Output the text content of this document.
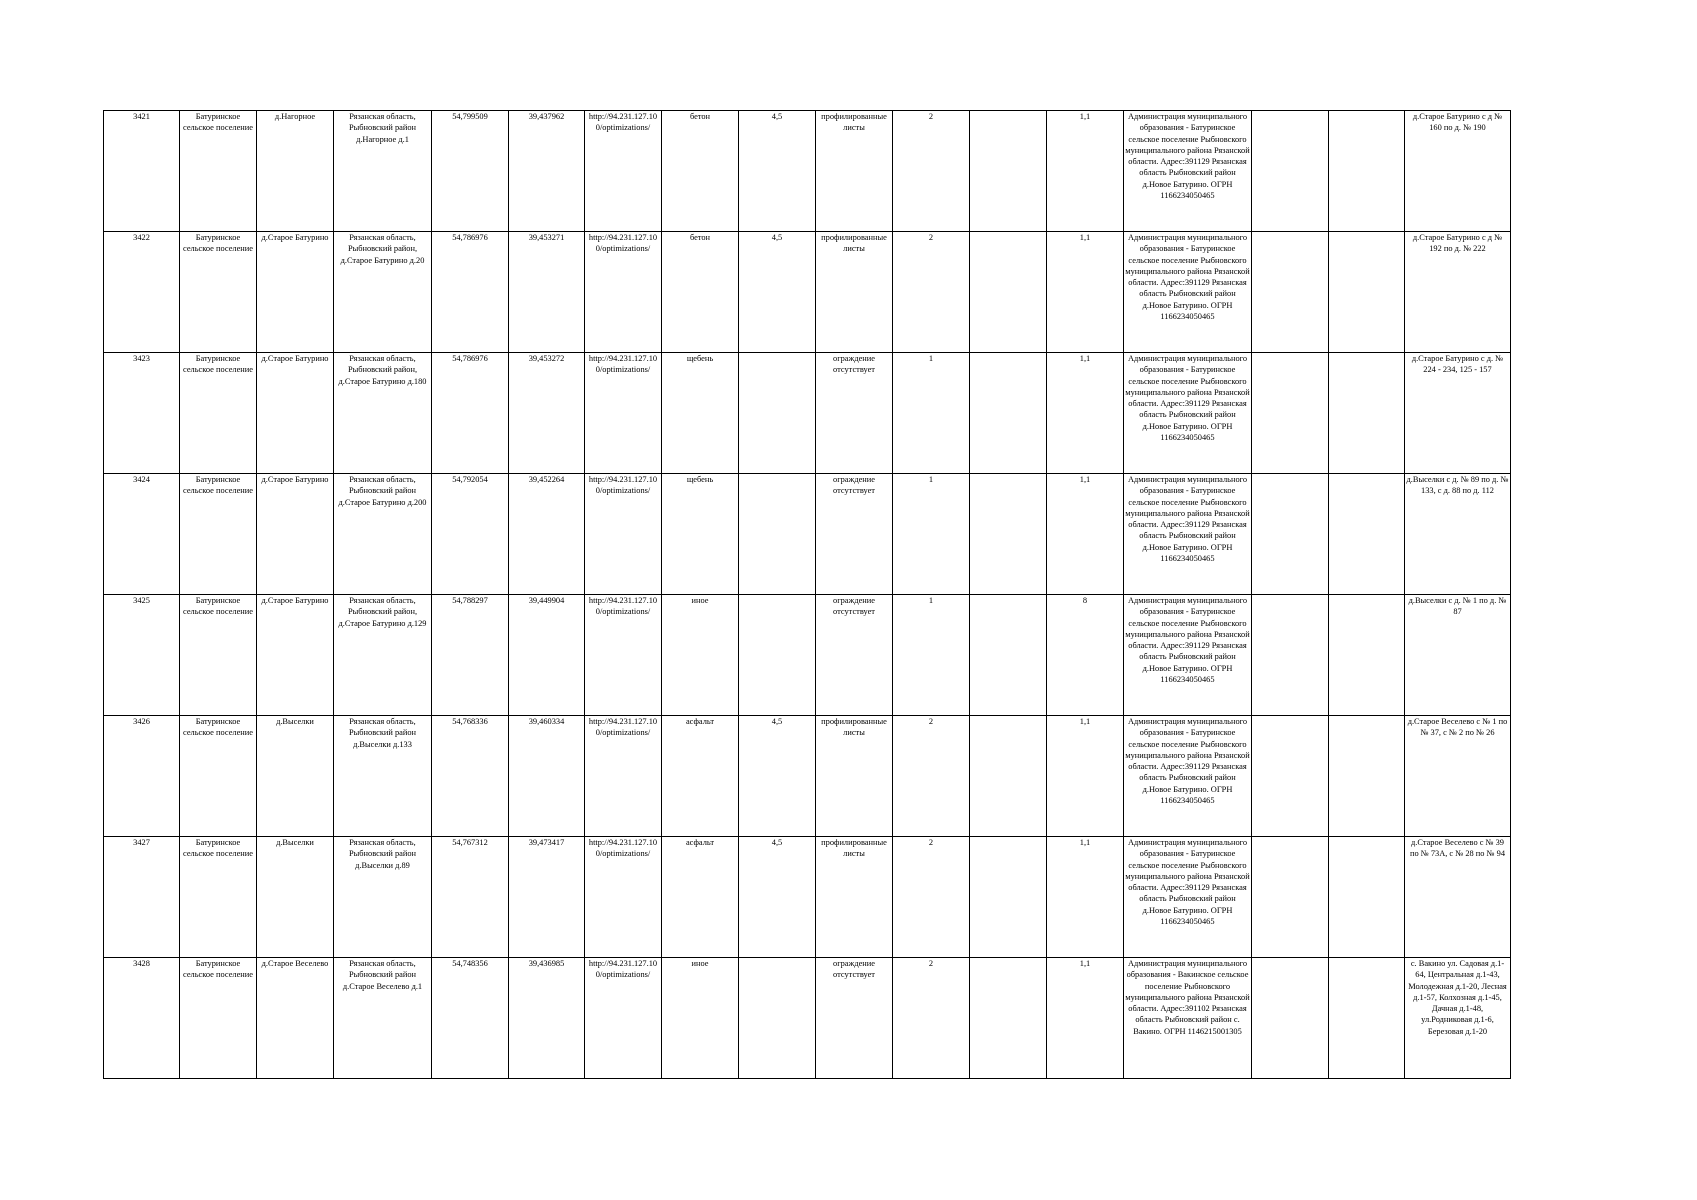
3421	Батуринское сельское поселение	д.Нагорное	Рязанская область, Рыбновский район д.Нагорное д.1	54,799509	39,437962	http://94.231.127.10 0/optimizations/	бетон	4,5	профилированные листы	2		1,1	Администрация муниципального образования - Батуринское сельское поселение Рыбновского муниципального района Рязанской области. Адрес:391129 Рязанская область Рыбновский район д.Новое Батурино. ОГРН 1166234050465			д.Старое Батурино с д № 160 по д. № 190
3422	Батуринское сельское поселение	д.Старое Батурино	Рязанская область, Рыбновский район, д.Старое Батурино д.20	54,786976	39,453271	http://94.231.127.10 0/optimizations/	бетон	4,5	профилированные листы	2		1,1	Администрация муниципального образования - Батуринское сельское поселение Рыбновского муниципального района Рязанской области. Адрес:391129 Рязанская область Рыбновский район д.Новое Батурино. ОГРН 1166234050465			д.Старое Батурино с д № 192 по д. № 222
3423	Батуринское сельское поселение	д.Старое Батурино	Рязанская область, Рыбновский район, д.Старое Батурино д.180	54,786976	39,453272	http://94.231.127.10 0/optimizations/	щебень		ограждение отсутствует	1		1,1	Администрация муниципального образования - Батуринское сельское поселение Рыбновского муниципального района Рязанской области. Адрес:391129 Рязанская область Рыбновский район д.Новое Батурино. ОГРН 1166234050465			д.Старое Батурино с д. № 224 - 234, 125 - 157
3424	Батуринское сельское поселение	д.Старое Батурино	Рязанская область, Рыбновский район д.Старое Батурино д.200	54,792054	39,452264	http://94.231.127.10 0/optimizations/	щебень		ограждение отсутствует	1		1,1	Администрация муниципального образования - Батуринское сельское поселение Рыбновского муниципального района Рязанской области. Адрес:391129 Рязанская область Рыбновский район д.Новое Батурино. ОГРН 1166234050465			д.Выселки с д. № 89 по д. № 133, с д. 88 по д. 112
3425	Батуринское сельское поселение	д.Старое Батурино	Рязанская область, Рыбновский район, д.Старое Батурино д.129	54,788297	39,449904	http://94.231.127.10 0/optimizations/	иное		ограждение отсутствует	1		8	Администрация муниципального образования - Батуринское сельское поселение Рыбновского муниципального района Рязанской области. Адрес:391129 Рязанская область Рыбновский район д.Новое Батурино. ОГРН 1166234050465			д.Выселки с д. № 1 по д. № 87
3426	Батуринское сельское поселение	д.Выселки	Рязанская область, Рыбновский район д.Выселки д.133	54,768336	39,460334	http://94.231.127.10 0/optimizations/	асфальт	4,5	профилированные листы	2		1,1	Администрация муниципального образования - Батуринское сельское поселение Рыбновского муниципального района Рязанской области. Адрес:391129 Рязанская область Рыбновский район д.Новое Батурино. ОГРН 1166234050465			д.Старое Веселево с № 1 по № 37, с № 2 по № 26
3427	Батуринское сельское поселение	д.Выселки	Рязанская область, Рыбновский район д.Выселки д.89	54,767312	39,473417	http://94.231.127.10 0/optimizations/	асфальт	4,5	профилированные листы	2		1,1	Администрация муниципального образования - Батуринское сельское поселение Рыбновского муниципального района Рязанской области. Адрес:391129 Рязанская область Рыбновский район д.Новое Батурино. ОГРН 1166234050465			д.Старое Веселево с № 39 по № 73А, с № 28 по № 94
3428	Батуринское сельское поселение	д.Старое Веселево	Рязанская область, Рыбновский район д.Старое Веселево д.1	54,748356	39,436985	http://94.231.127.10 0/optimizations/	иное		ограждение отсутствует	2		1,1	Администрация муниципального образования - Вакинское сельское поселение Рыбновского муниципального района Рязанской области. Адрес:391102 Рязанская область Рыбновский район с. Вакино. ОГРН 1146215001305			с. Вакино ул. Садовая д.1-64, Центральная д.1-43, Молодежная д.1-20, Лесная д.1-57, Колхозная д.1-45, Дачная д.1-48, ул.Родниковая д.1-6, Березовая д.1-20
